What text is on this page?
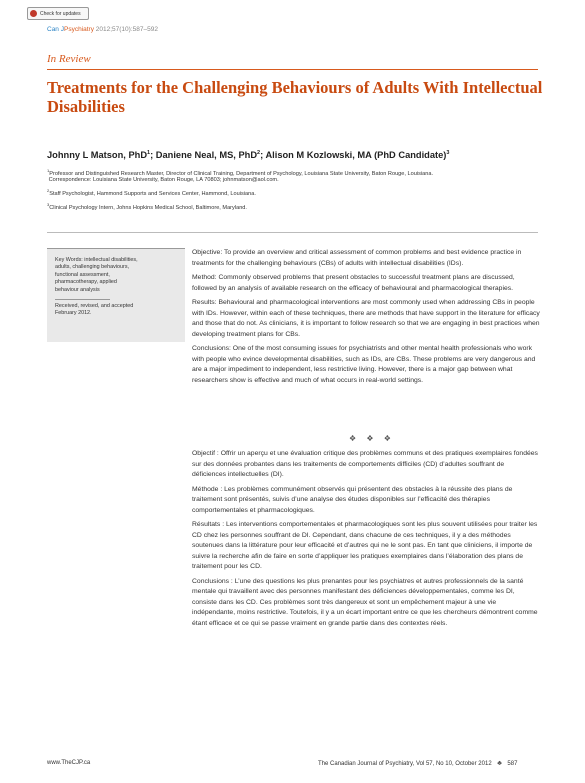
Check for updates
Can JPsychiatry 2012;57(10):587–592
In Review
Treatments for the Challenging Behaviours of Adults With Intellectual Disabilities
Johnny L Matson, PhD$^1$; Daniene Neal, MS, PhD$^2$; Alison M Kozlowski, MA (PhD Candidate)$^3$
$^1$Professor and Distinguished Research Master, Director of Clinical Training, Department of Psychology, Louisiana State University, Baton Rouge, Louisiana.
Correspondence: Louisiana State University, Baton Rouge, LA 70803; johnmatson@aol.com.
$^2$Staff Psychologist, Hammond Supports and Services Center, Hammond, Louisiana.
$^3$Clinical Psychology Intern, Johns Hopkins Medical School, Baltimore, Maryland.
Key Words: intellectual disabilities, adults, challenging behaviours, functional assessment, pharmacotherapy, applied behaviour analysis
Received, revised, and accepted February 2012.

Objective: To provide an overview and critical assessment of common problems and best evidence practice in treatments for the challenging behaviours (CBs) of adults with intellectual disabilities (IDs).

Method: Commonly observed problems that present obstacles to successful treatment plans are discussed, followed by an analysis of available research on the efficacy of behavioural and pharmacological therapies.

Results: Behavioural and pharmacological interventions are most commonly used when addressing CBs in people with IDs. However, within each of these techniques, there are methods that have support in the literature for efficacy and those that do not. As clinicians, it is important to follow research so that we are engaging in best practices when developing treatment plans for CBs.

Conclusions: One of the most consuming issues for psychiatrists and other mental health professionals who work with people who evince developmental disabilities, such as IDs, are CBs. These problems are very dangerous and are a major impediment to independent, less restrictive living. However, there is a major gap between what researchers show is effective and much of what occurs in real-world settings.

❖ ❖ ❖

Objectif : Offrir un aperçu et une évaluation critique des problèmes communs et des pratiques exemplaires fondées sur des données probantes dans les traitements de comportements difficiles (CD) d’adultes souffrant de déficiences intellectuelles (DI).

Méthode : Les problèmes communément observés qui présentent des obstacles à la réussite des plans de traitement sont présentés, suivis d’une analyse des études disponibles sur l’efficacité des thérapies comportementales et pharmacologiques.

Résultats : Les interventions comportementales et pharmacologiques sont les plus souvent utilisées pour traiter les CD chez les personnes souffrant de DI. Cependant, dans chacune de ces techniques, il y a des méthodes soutenues dans la littérature pour leur efficacité et d’autres qui ne le sont pas. En tant que cliniciens, il importe de suivre la recherche afin de faire en sorte d’appliquer les pratiques exemplaires dans l’élaboration des plans de traitement pour les CD.

Conclusions : L’une des questions les plus prenantes pour les psychiatres et autres professionnels de la santé mentale qui travaillent avec des personnes manifestant des déficiences développementales, comme les DI, consiste dans les CD. Ces problèmes sont très dangereux et sont un empêchement majeur à une vie indépendante, moins restrictive. Toutefois, il y a un écart important entre ce que les chercheurs démontrent comme étant efficace et ce qui se passe vraiment en grande partie dans des contextes réels.

www.TheCJP.ca	The Canadian Journal of Psychiatry, Vol 57, No 10, October 2012   ♣   587
